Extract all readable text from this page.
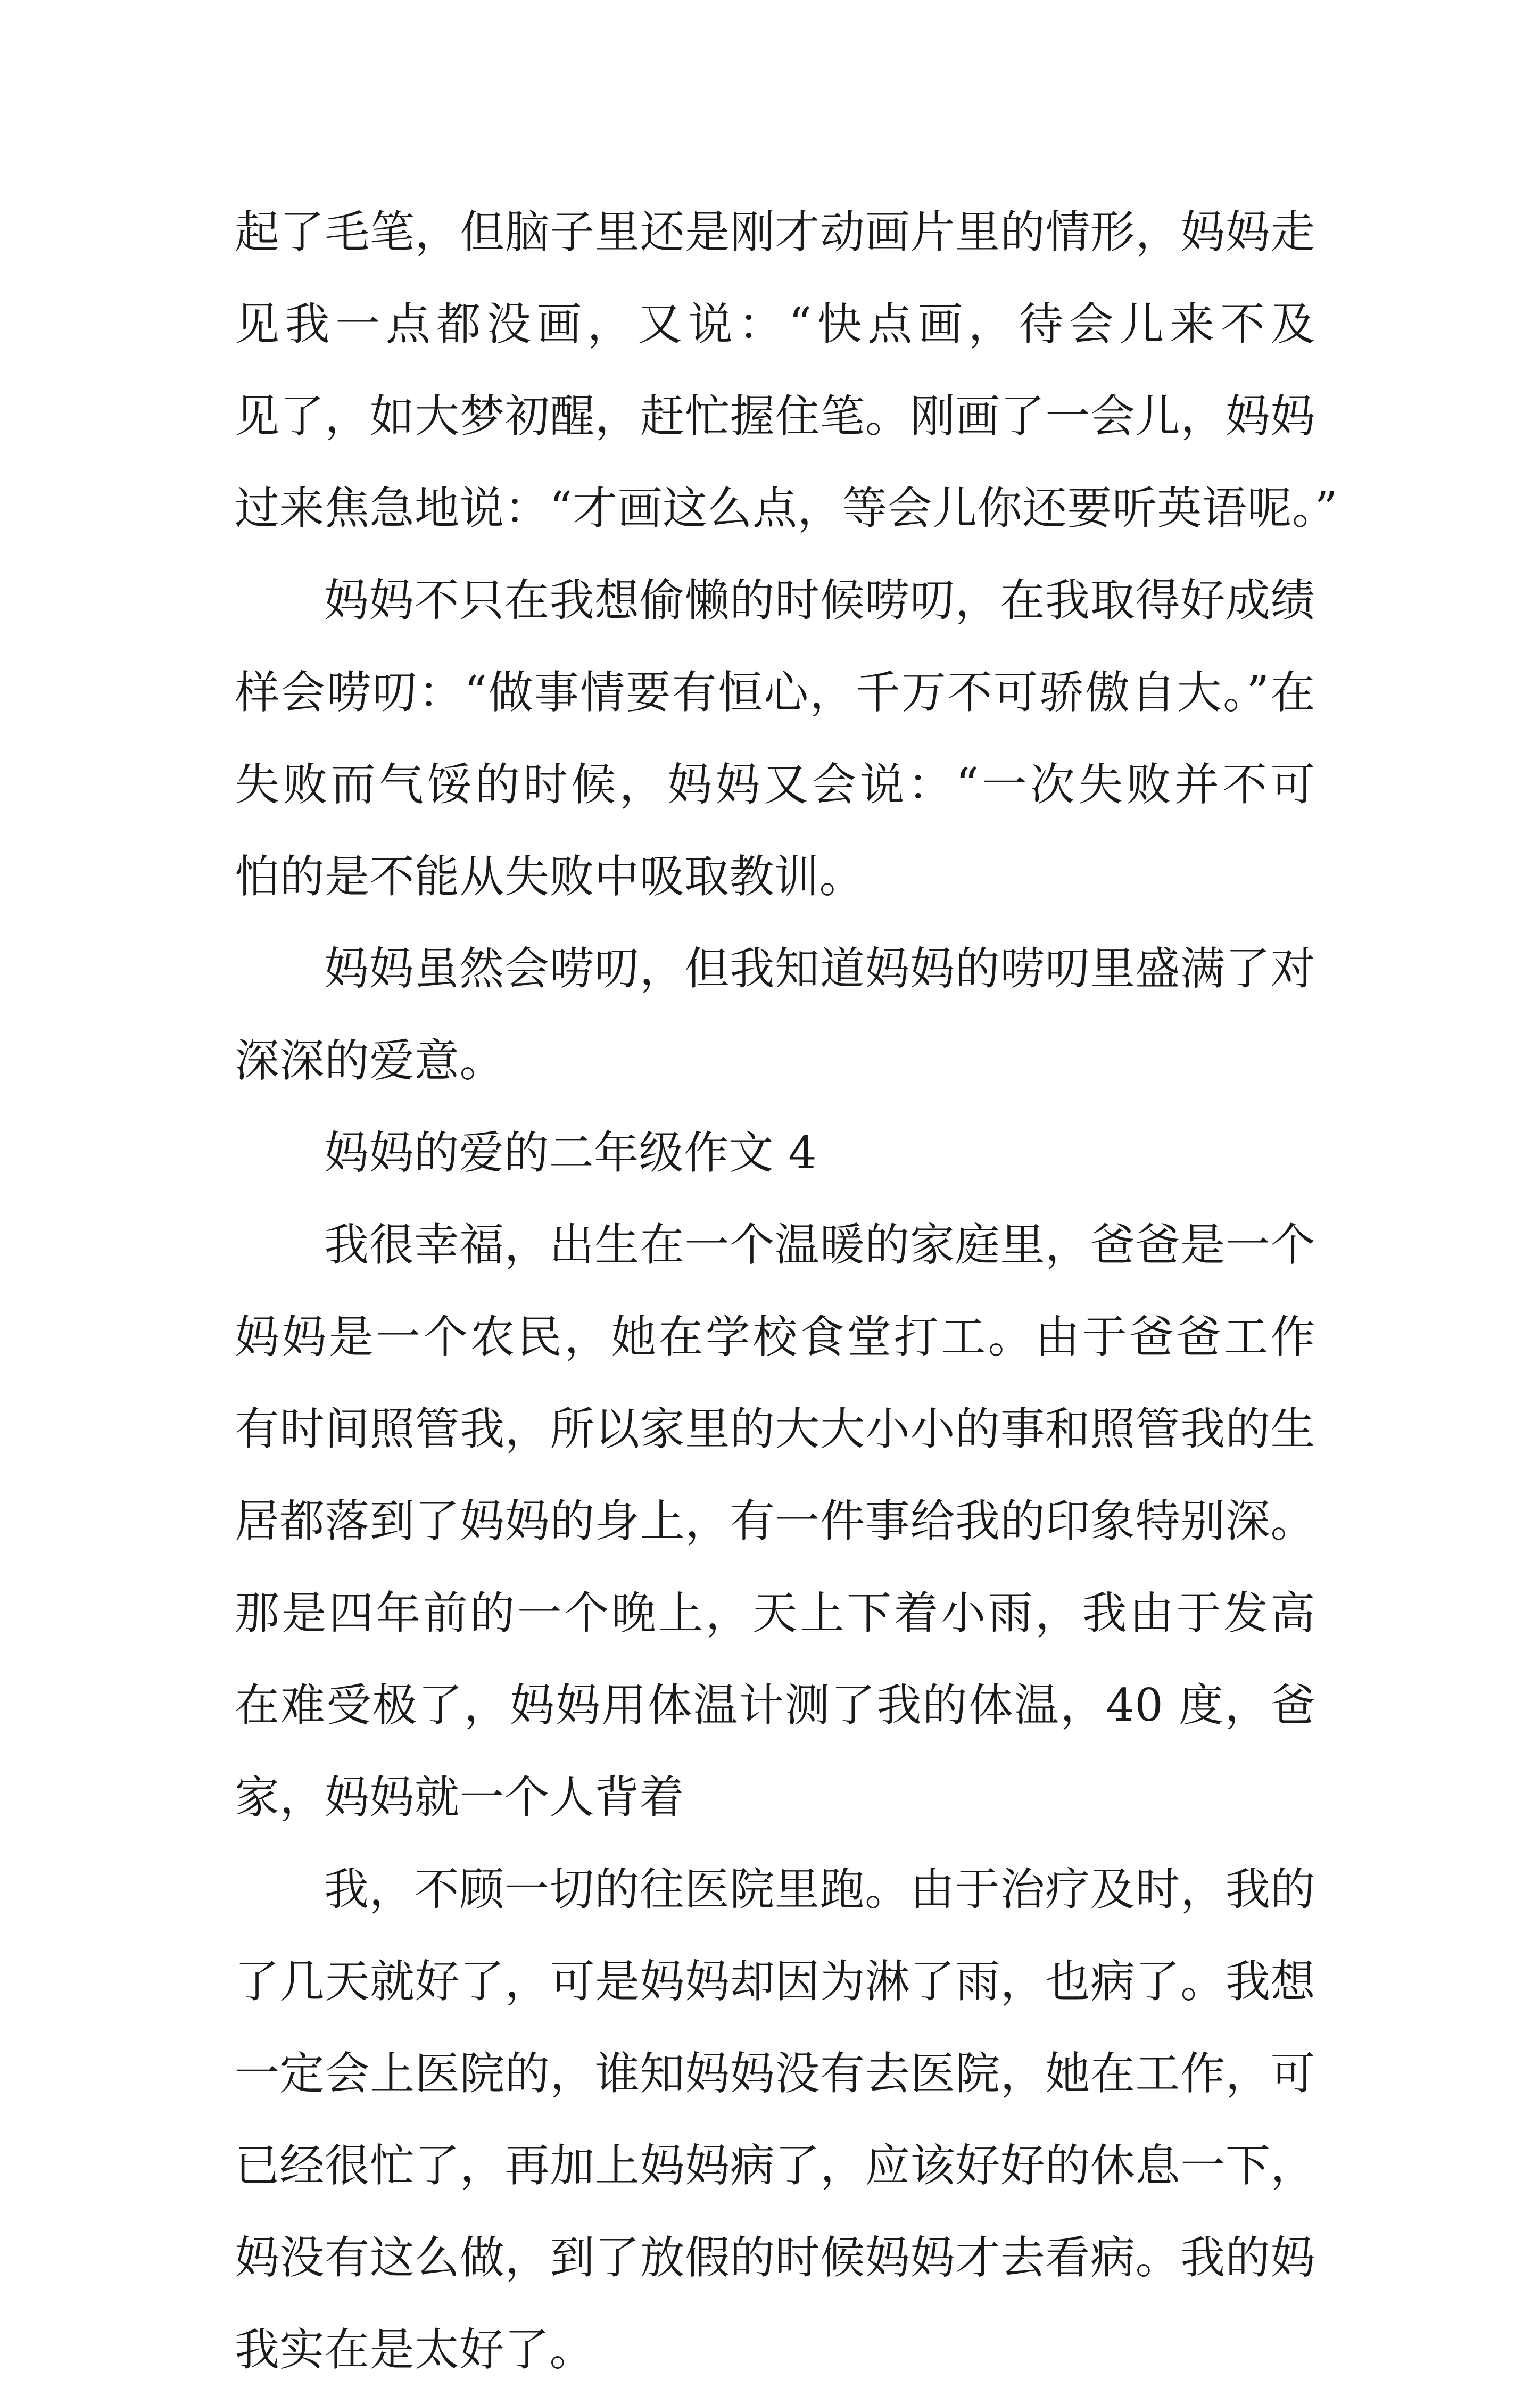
起了毛笔，但脑子里还是刚才动画片里的情形，妈妈走
见我一点都没画，又说：“快点画，待会儿来不及
见了，如大梦初醒，赶忙握住笔。刚画了一会儿，妈妈
过来焦急地说：“才画这么点，等会儿你还要听英语呢。”
妈妈不只在我想偷懒的时候唠叨，在我取得好成绩
样会唠叨：“做事情要有恒心，千万不可骄傲自大。”在
失败而气馁的时候，妈妈又会说：“一次失败并不可
怕的是不能从失败中吸取教训。
妈妈虽然会唠叨，但我知道妈妈的唠叨里盛满了对
深深的爱意。
妈妈的爱的二年级作文 4
我很幸福，出生在一个温暖的家庭里，爸爸是一个
妈妈是一个农民，她在学校食堂打工。由于爸爸工作
有时间照管我，所以家里的大大小小的事和照管我的生
居都落到了妈妈的身上，有一件事给我的印象特别深。
那是四年前的一个晚上，天上下着小雨，我由于发高
在难受极了，妈妈用体温计测了我的体温，40 度，爸
家，妈妈就一个人背着
我，不顾一切的往医院里跑。由于治疗及时，我的
了几天就好了，可是妈妈却因为淋了雨，也病了。我想
一定会上医院的，谁知妈妈没有去医院，她在工作，可
已经很忙了，再加上妈妈病了，应该好好的休息一下，
妈没有这么做，到了放假的时候妈妈才去看病。我的妈
我实在是太好了。
